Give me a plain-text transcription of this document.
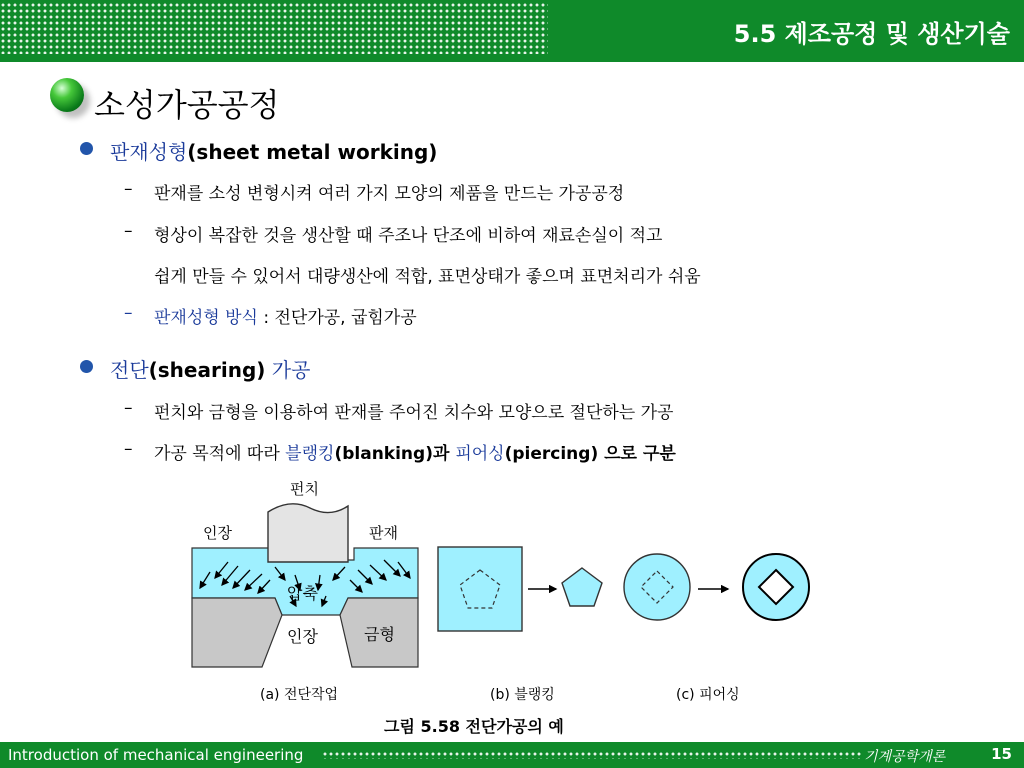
5.5 제조공정 및 생산기술
소성가공공정
판재성형(sheet metal working)
– 판재를 소성 변형시켜 여러 가지 모양의 제품을 만드는 가공공정
– 형상이 복잡한 것을 생산할 때 주조나 단조에 비하여 재료손실이 적고
쉽게 만들 수 있어서 대량생산에 적합, 표면상태가 좋으며 표면처리가 쉬움
– 판재성형 방식 : 전단가공, 굽힘가공
전단(shearing) 가공
– 펀치와 금형을 이용하여 판재를 주어진 치수와 모양으로 절단하는 가공
– 가공 목적에 따라 블랭킹(blanking)과 피어싱(piercing) 으로 구분
펀치
인장	판재
압축
인장	금형
(a) 전단작업	(b) 블랭킹	(c) 피어싱
그림 5.58 전단가공의 예
Introduction of mechanical engineering	기계공학개론	15
